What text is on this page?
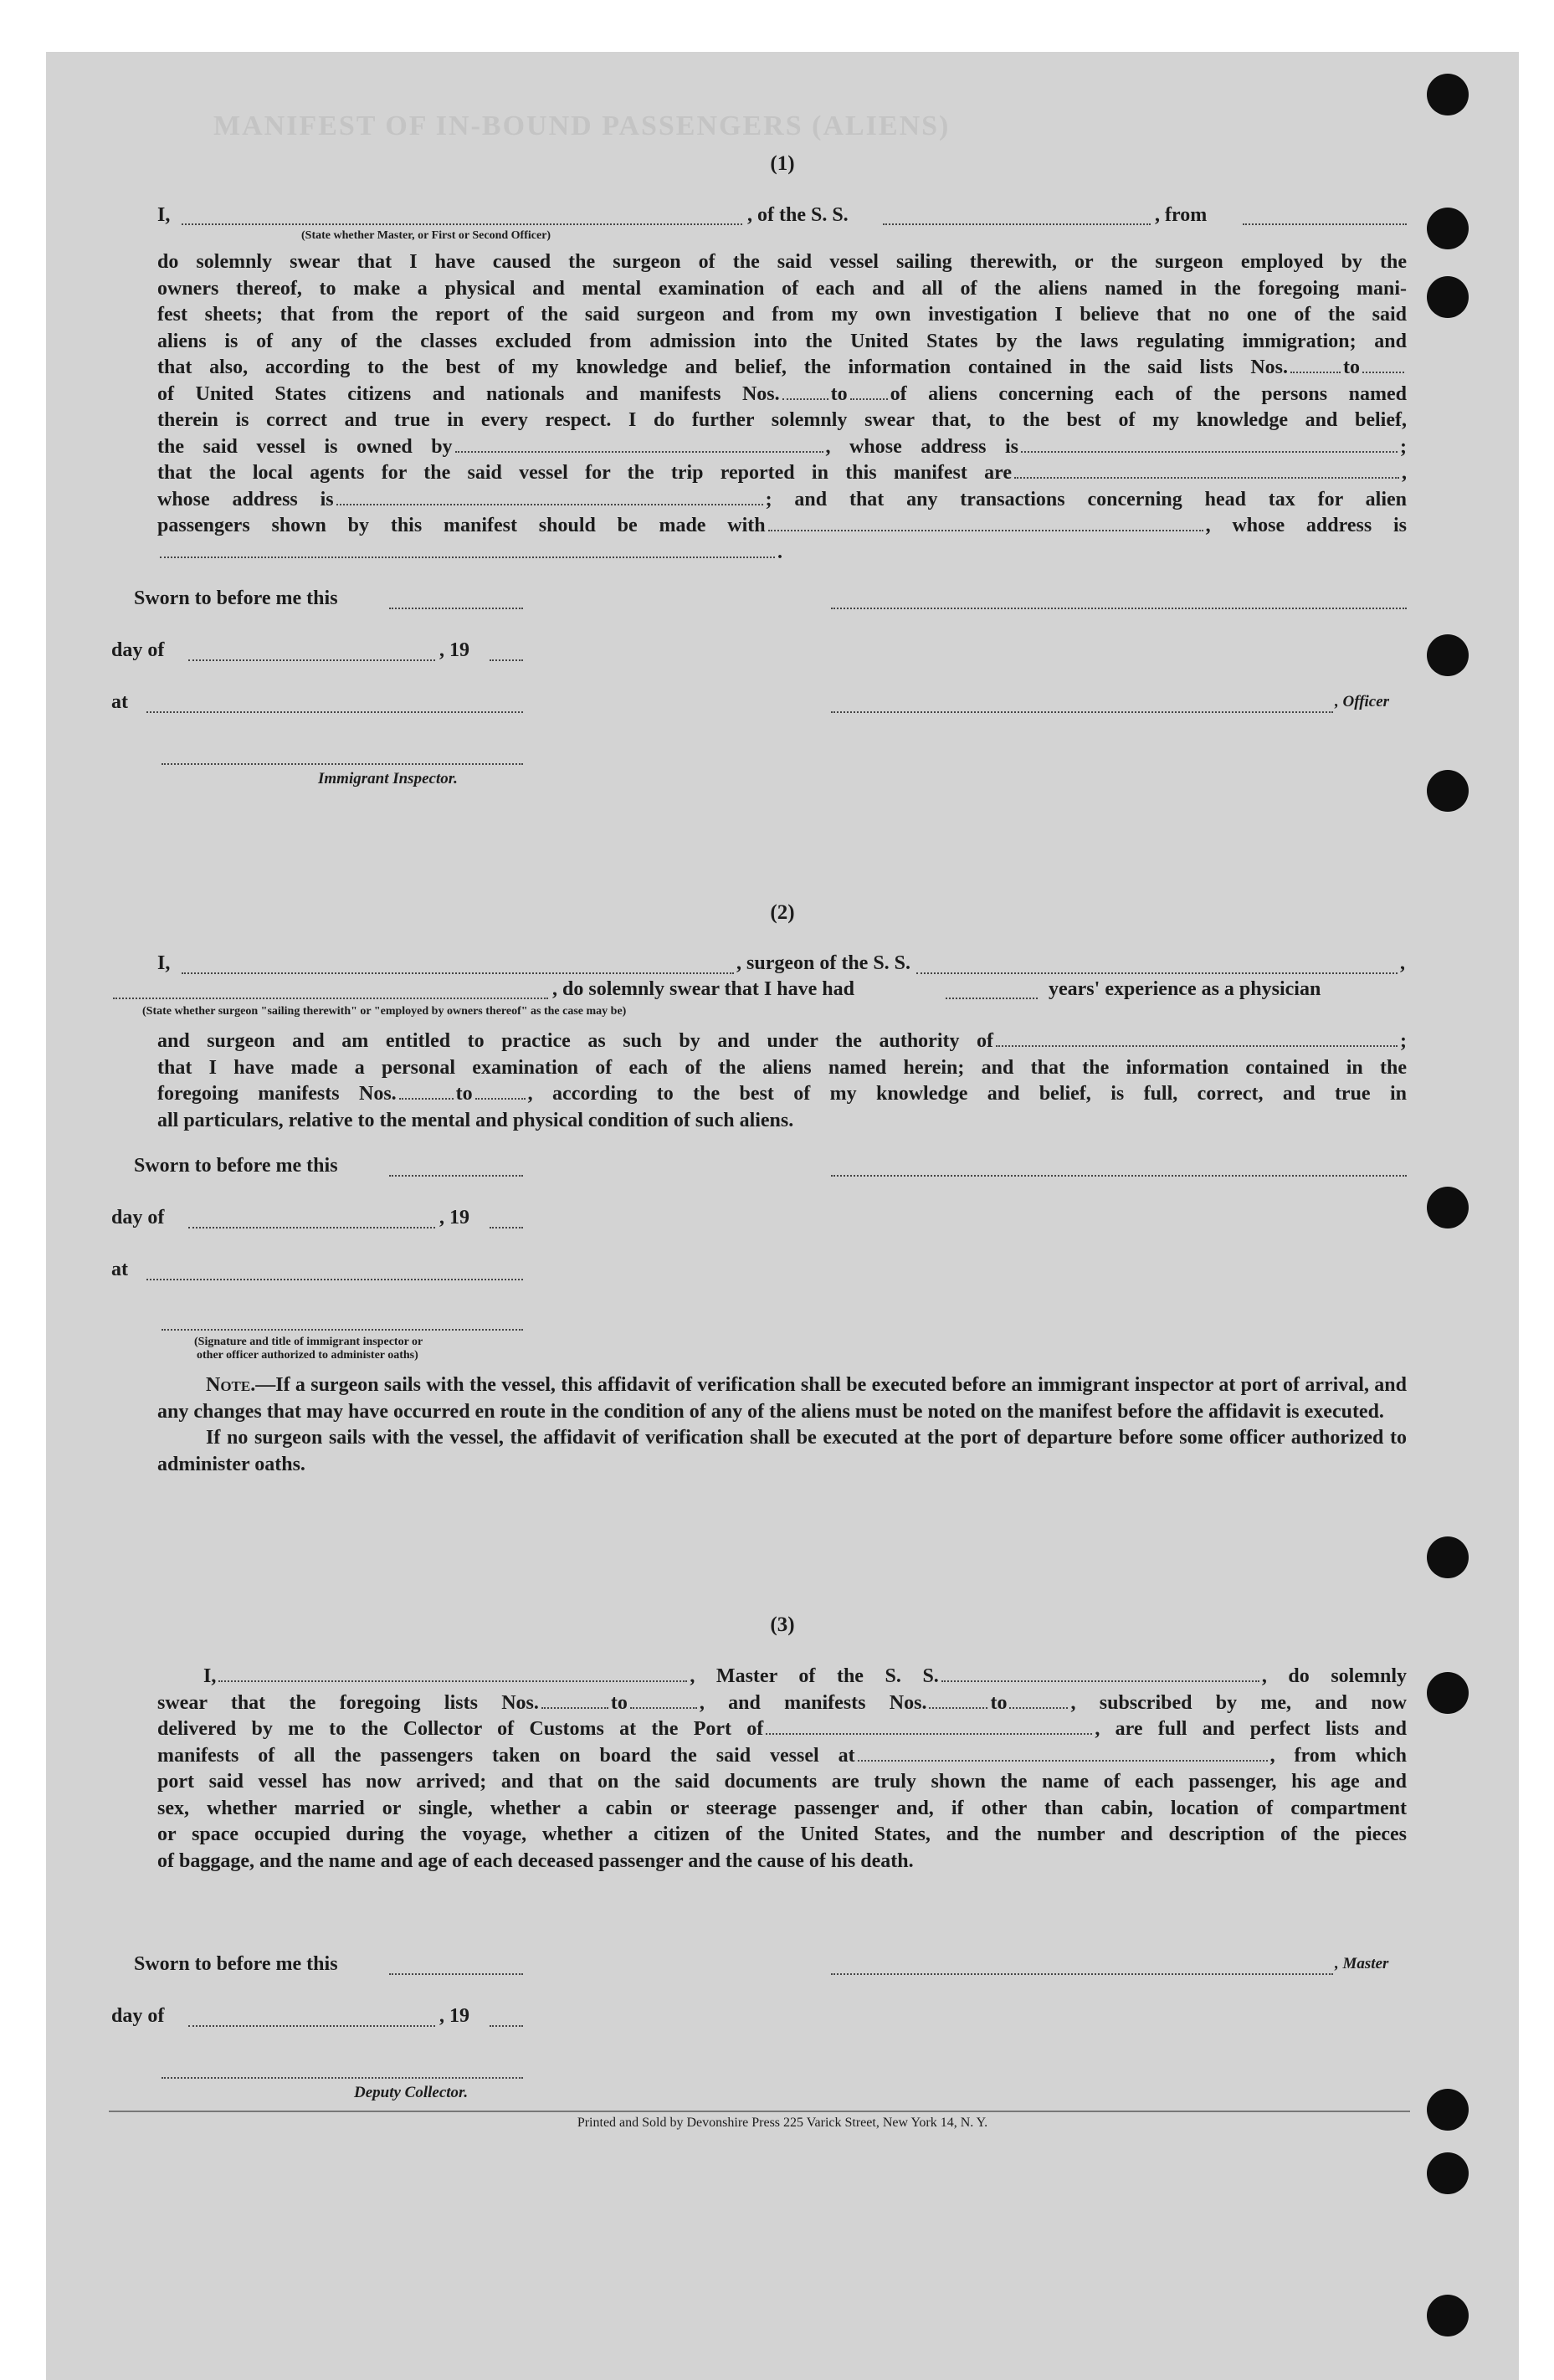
MANIFEST OF IN-BOUND PASSENGERS (ALIENS)
(1)
I,	, of the S. S.	, from
(State whether Master, or First or Second Officer)
do solemnly swear that I have caused the surgeon of the said vessel sailing therewith, or the surgeon employed by the
owners thereof, to make a physical and mental examination of each and all of the aliens named in the foregoing mani-
fest sheets; that from the report of the said surgeon and from my own investigation I believe that no one of the said
aliens is of any of the classes excluded from admission into the United States by the laws regulating immigration; and
that also, according to the best of my knowledge and belief, the information contained in the said lists Nos.	to
of United States citizens and nationals and manifests Nos.	to of aliens concerning each of the persons named
therein is correct and true in every respect. I do further solemnly swear that, to the best of my knowledge and belief,
the said vessel is owned by	, whose address is	;
that the local agents for the said vessel for the trip reported in this manifest are	,
whose address is	; and that any transactions concerning head tax for alien
passengers shown by this manifest should be made with	, whose address is
.
Sworn to before me this
day of	, 19
at	, Officer
Immigrant Inspector.
(2)
I,	, surgeon of the S. S.	,
, do solemnly swear that I have had	years' experience as a physician
(State whether surgeon "sailing therewith" or "employed by owners thereof" as the case may be)
and surgeon and am entitled to practice as such by and under the authority of	;
that I have made a personal examination of each of the aliens named herein; and that the information contained in the
foregoing manifests Nos.	to	, according to the best of my knowledge and belief, is full, correct, and true in
all particulars, relative to the mental and physical condition of such aliens.
Sworn to before me this
day of	, 19
at
(Signature and title of immigrant inspector or
other officer authorized to administer oaths)
Note.—If a surgeon sails with the vessel, this affidavit of verification shall be executed before an immigrant inspector at port of arrival, and any changes that may have occurred en route in the condition of any of the aliens must be noted on the manifest before the affidavit is executed.
If no surgeon sails with the vessel, the affidavit of verification shall be executed at the port of departure before some officer authorized to administer oaths.
(3)
I,	, Master of the S. S.	, do solemnly
swear that the foregoing lists Nos.	to	, and manifests Nos.	to	, subscribed by me, and now
delivered by me to the Collector of Customs at the Port of	, are full and perfect lists and
manifests of all the passengers taken on board the said vessel at	, from which
port said vessel has now arrived; and that on the said documents are truly shown the name of each passenger, his age and
sex, whether married or single, whether a cabin or steerage passenger and, if other than cabin, location of compartment
or space occupied during the voyage, whether a citizen of the United States, and the number and description of the pieces
of baggage, and the name and age of each deceased passenger and the cause of his death.
Sworn to before me this	, Master
day of	, 19
Deputy Collector.
Printed and Sold by Devonshire Press 225 Varick Street, New York 14, N. Y.
